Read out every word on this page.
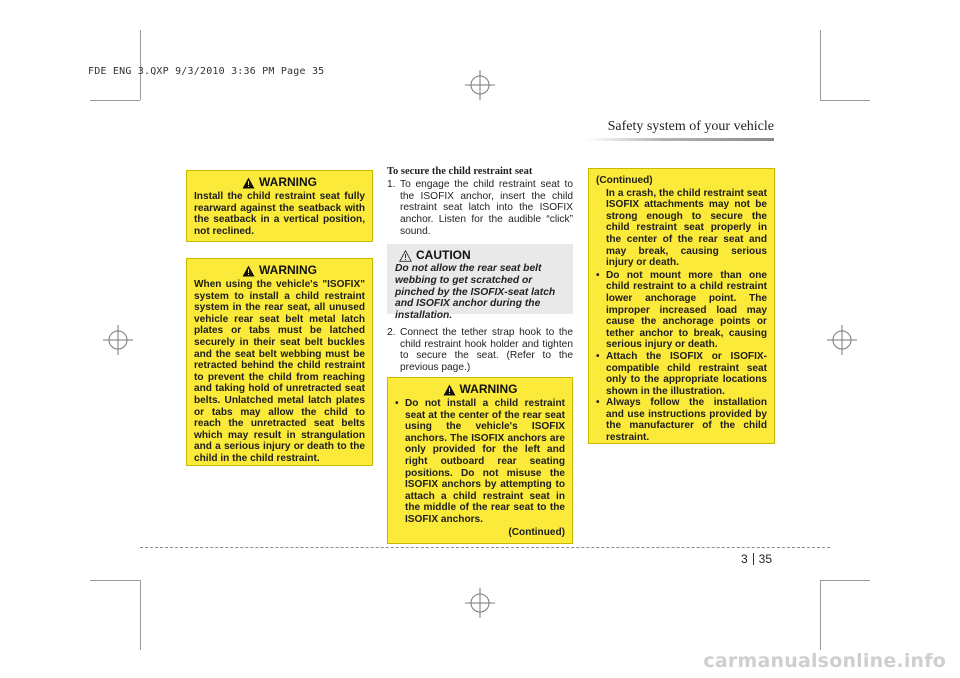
FDE ENG 3.QXP 9/3/2010 3:36 PM Page 35
Safety system of your vehicle
WARNING
Install the child restraint seat fully rearward against the seatback with the seatback in a vertical position, not reclined.
WARNING
When using the vehicle's "ISOFIX" system to install a child restraint system in the rear seat, all unused vehicle rear seat belt metal latch plates or tabs must be latched securely in their seat belt buckles and the seat belt webbing must be retracted behind the child restraint to prevent the child from reaching and taking hold of unretracted seat belts. Unlatched metal latch plates or tabs may allow the child to reach the unretracted seat belts which may result in strangulation and a serious injury or death to the child in the child restraint.
To secure the child restraint seat
1. To engage the child restraint seat to the ISOFIX anchor, insert the child restraint seat latch into the ISOFIX anchor. Listen for the audible “click” sound.
CAUTION
Do not allow the rear seat belt webbing to get scratched or pinched by the ISOFIX-seat latch and ISOFIX anchor during the installation.
2. Connect the tether strap hook to the child restraint hook holder and tighten to secure the seat. (Refer to the previous page.)
WARNING
• Do not install a child restraint seat at the center of the rear seat using the vehicle's ISOFIX anchors. The ISOFIX anchors are only provided for the left and right outboard rear seating positions. Do not misuse the ISOFIX anchors by attempting to attach a child restraint seat in the middle of the rear seat to the ISOFIX anchors.
(Continued)
(Continued)
In a crash, the child restraint seat ISOFIX attachments may not be strong enough to secure the child restraint seat properly in the center of the rear seat and may break, causing serious injury or death.
• Do not mount more than one child restraint to a child restraint lower anchorage point. The improper increased load may cause the anchorage points or tether anchor to break, causing serious injury or death.
• Attach the ISOFIX or ISOFIX-compatible child restraint seat only to the appropriate locations shown in the illustration.
• Always follow the installation and use instructions provided by the manufacturer of the child restraint.
3 35
carmanualsonline.info
